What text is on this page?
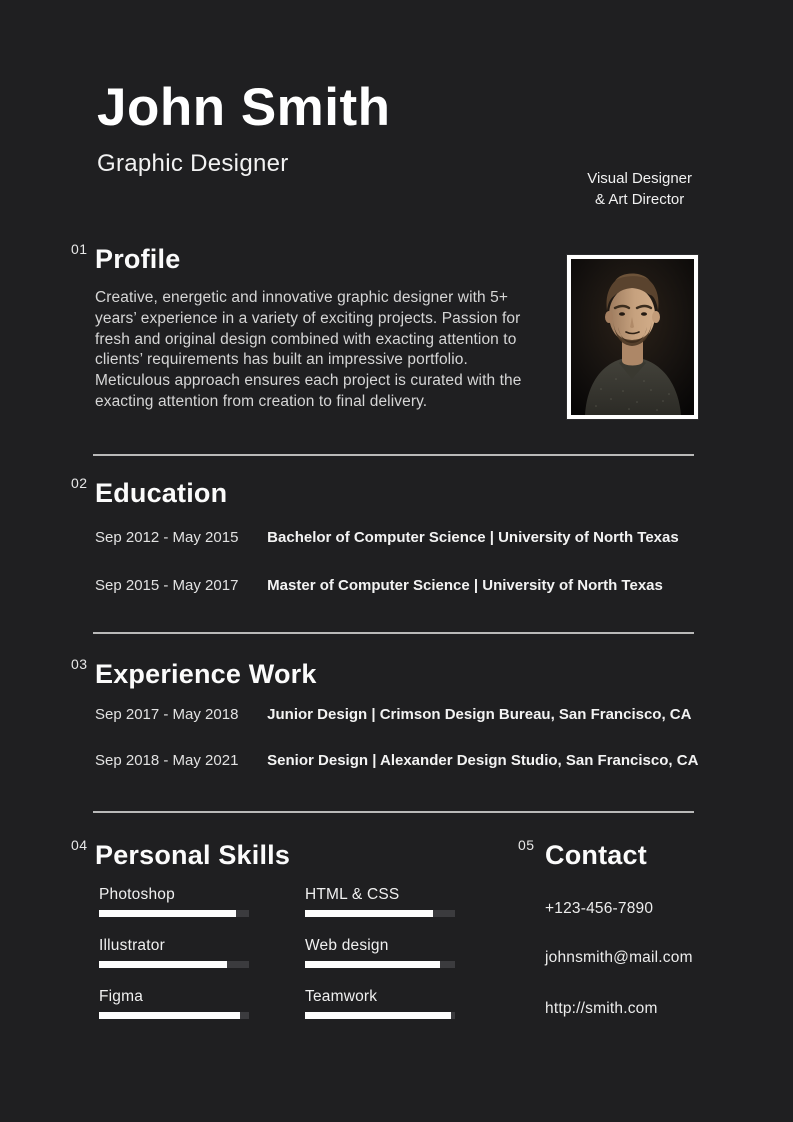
John Smith
Graphic Designer
Visual Designer
& Art Director
01 Profile
Creative, energetic and innovative graphic designer with 5+ years’ experience in a variety of exciting projects. Passion for fresh and original design combined with exacting attention to clients’ requirements has built an impressive portfolio. Meticulous approach ensures each project is curated with the exacting attention from creation to final delivery.
02 Education
Sep 2012 - May 2015 Bachelor of Computer Science | University of North Texas
Sep 2015 - May 2017 Master of Computer Science | University of North Texas
03 Experience Work
Sep 2017 - May 2018 Junior Design | Crimson Design Bureau, San Francisco, CA
Sep 2018 - May 2021 Senior Design | Alexander Design Studio, San Francisco, CA
04 Personal Skills
Photoshop
Illustrator
Figma
HTML & CSS
Web design
Teamwork
05 Contact
+123-456-7890
johnsmith@mail.com
http://smith.com
